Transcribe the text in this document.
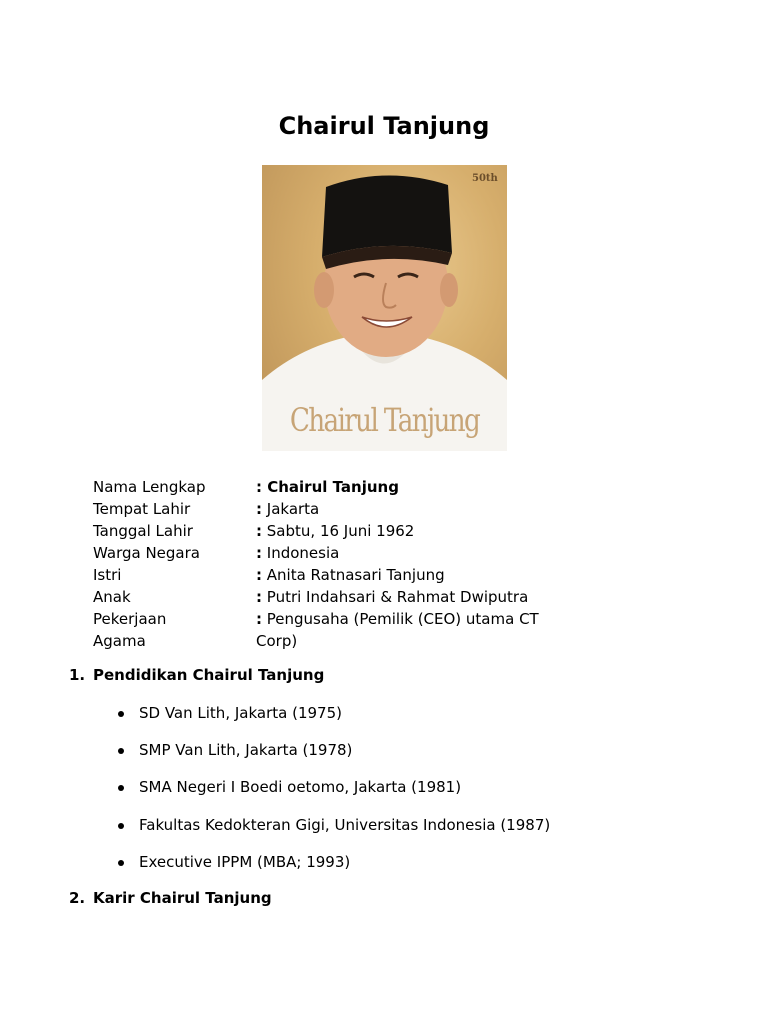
Chairul Tanjung
50th
Chairul Tanjung
Nama Lengkap	: Chairul Tanjung
Tempat Lahir	: Jakarta
Tanggal Lahir	: Sabtu, 16 Juni 1962
Warga Negara	: Indonesia
Istri	: Anita Ratnasari Tanjung
Anak	: Putri Indahsari & Rahmat Dwiputra
Pekerjaan	: Pengusaha (Pemilik (CEO) utama CT
Agama	Corp)
1. Pendidikan Chairul Tanjung
SD Van Lith, Jakarta (1975)
SMP Van Lith, Jakarta (1978)
SMA Negeri I Boedi oetomo, Jakarta (1981)
Fakultas Kedokteran Gigi, Universitas Indonesia (1987)
Executive IPPM (MBA; 1993)
2. Karir Chairul Tanjung
